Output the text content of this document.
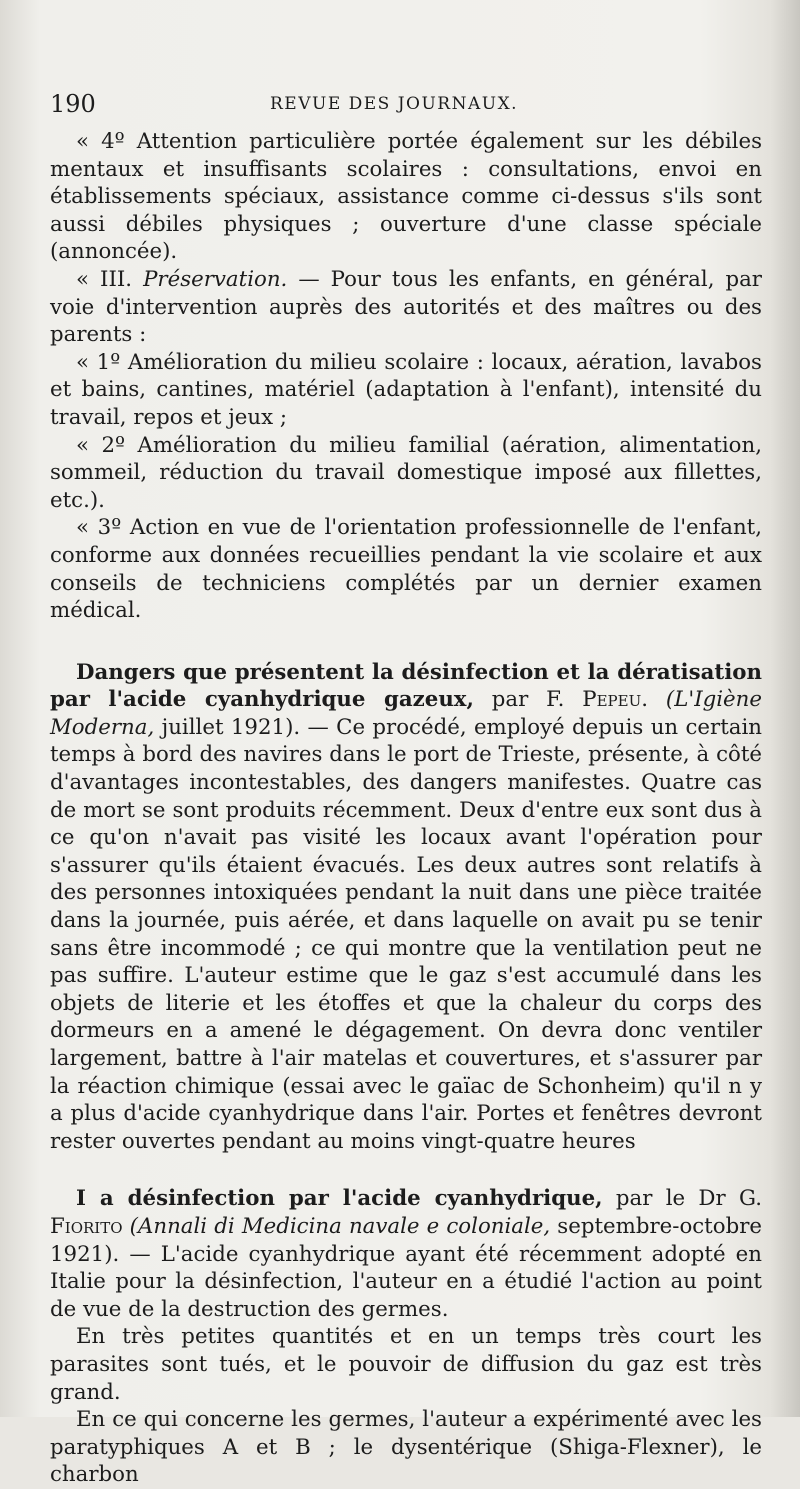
190	REVUE DES JOURNAUX.

« 4º Attention particulière portée également sur les débiles mentaux et insuffisants scolaires : consultations, envoi en établissements spéciaux, assistance comme ci-dessus s'ils sont aussi débiles physiques ; ouverture d'une classe spéciale (annoncée).

« III. Préservation. — Pour tous les enfants, en général, par voie d'intervention auprès des autorités et des maîtres ou des parents :

« 1º Amélioration du milieu scolaire : locaux, aération, lavabos et bains, cantines, matériel (adaptation à l'enfant), intensité du travail, repos et jeux ;

« 2º Amélioration du milieu familial (aération, alimentation, sommeil, réduction du travail domestique imposé aux fillettes, etc.).

« 3º Action en vue de l'orientation professionnelle de l'enfant, conforme aux données recueillies pendant la vie scolaire et aux conseils de techniciens complétés par un dernier examen médical.

Dangers que présentent la désinfection et la dératisation par l'acide cyanhydrique gazeux, par F. Pepeu. (L'Igiène Moderna, juillet 1921). — Ce procédé, employé depuis un certain temps à bord des navires dans le port de Trieste, présente, à côté d'avantages incontestables, des dangers manifestes. Quatre cas de mort se sont produits récemment. Deux d'entre eux sont dus à ce qu'on n'avait pas visité les locaux avant l'opération pour s'assurer qu'ils étaient évacués. Les deux autres sont relatifs à des personnes intoxiquées pendant la nuit dans une pièce traitée dans la journée, puis aérée, et dans laquelle on avait pu se tenir sans être incommodé ; ce qui montre que la ventilation peut ne pas suffire. L'auteur estime que le gaz s'est accumulé dans les objets de literie et les étoffes et que la chaleur du corps des dormeurs en a amené le dégagement. On devra donc ventiler largement, battre à l'air matelas et couvertures, et s'assurer par la réaction chimique (essai avec le gaïac de Schonheim) qu'il n y a plus d'acide cyanhydrique dans l'air. Portes et fenêtres devront rester ouvertes pendant au moins vingt-quatre heures

I a désinfection par l'acide cyanhydrique, par le Dr G. Fiorito (Annali di Medicina navale e coloniale, septembre-octobre 1921). — L'acide cyanhydrique ayant été récemment adopté en Italie pour la désinfection, l'auteur en a étudié l'action au point de vue de la destruction des germes.

En très petites quantités et en un temps très court les parasites sont tués, et le pouvoir de diffusion du gaz est très grand.

En ce qui concerne les germes, l'auteur a expérimenté avec les paratyphiques A et B ; le dysentérique (Shiga-Flexner), le charbon
